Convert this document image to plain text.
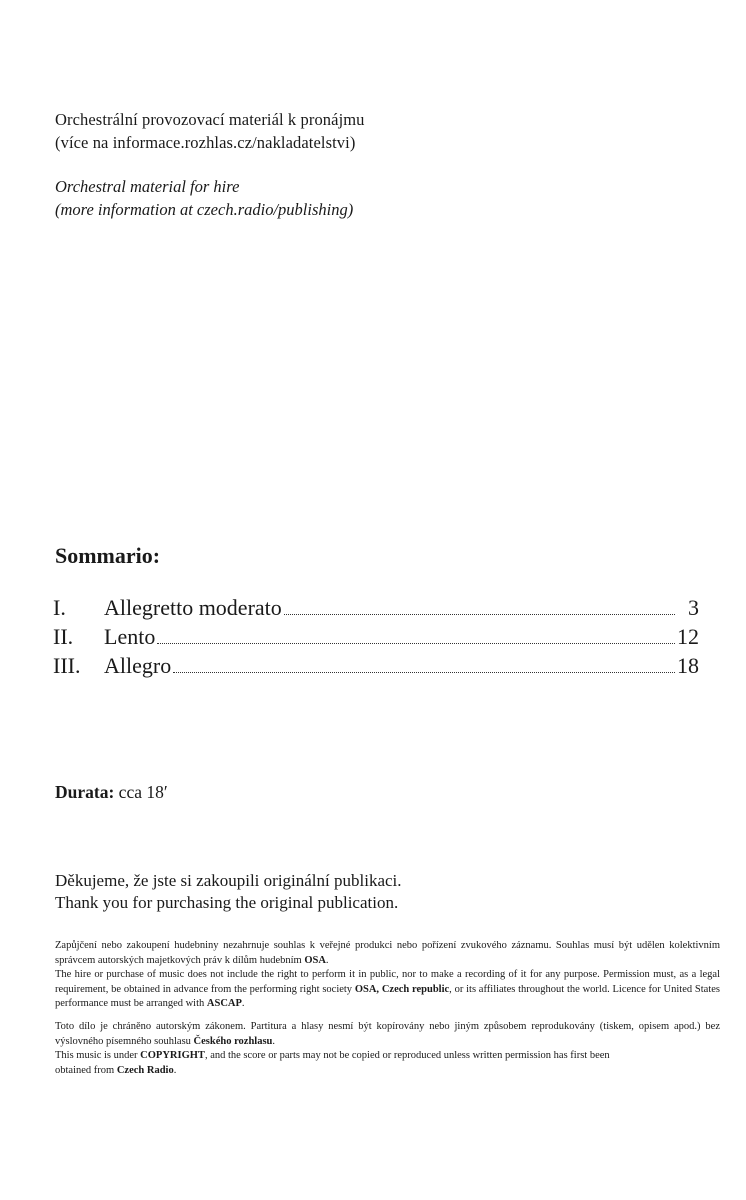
Orchestrální provozovací materiál k pronájmu
(více na informace.rozhlas.cz/nakladatelstvi)
Orchestral material for hire
(more information at czech.radio/publishing)
Sommario:
I.	Allegretto moderato	3
II.	Lento	12
III.	Allegro	18
Durata: cca 18′
Děkujeme, že jste si zakoupili originální publikaci.
Thank you for purchasing the original publication.

Zapůjčení nebo zakoupení hudebniny nezahrnuje souhlas k veřejné produkci nebo pořízení zvukového záznamu. Souhlas musí být udělen kolektivním správcem autorských majetkových práv k dílům hudebním OSA.

The hire or purchase of music does not include the right to perform it in public, nor to make a recording of it for any purpose. Permission must, as a legal requirement, be obtained in advance from the performing right society OSA, Czech republic, or its affiliates throughout the world. Licence for United States performance must be arranged with ASCAP.

Toto dílo je chráněno autorským zákonem. Partitura a hlasy nesmí být kopírovány nebo jiným způsobem reprodukovány (tiskem, opisem apod.) bez výslovného písemného souhlasu Českého rozhlasu.

This music is under COPYRIGHT, and the score or parts may not be copied or reproduced unless written permission has first been

obtained from Czech Radio.
